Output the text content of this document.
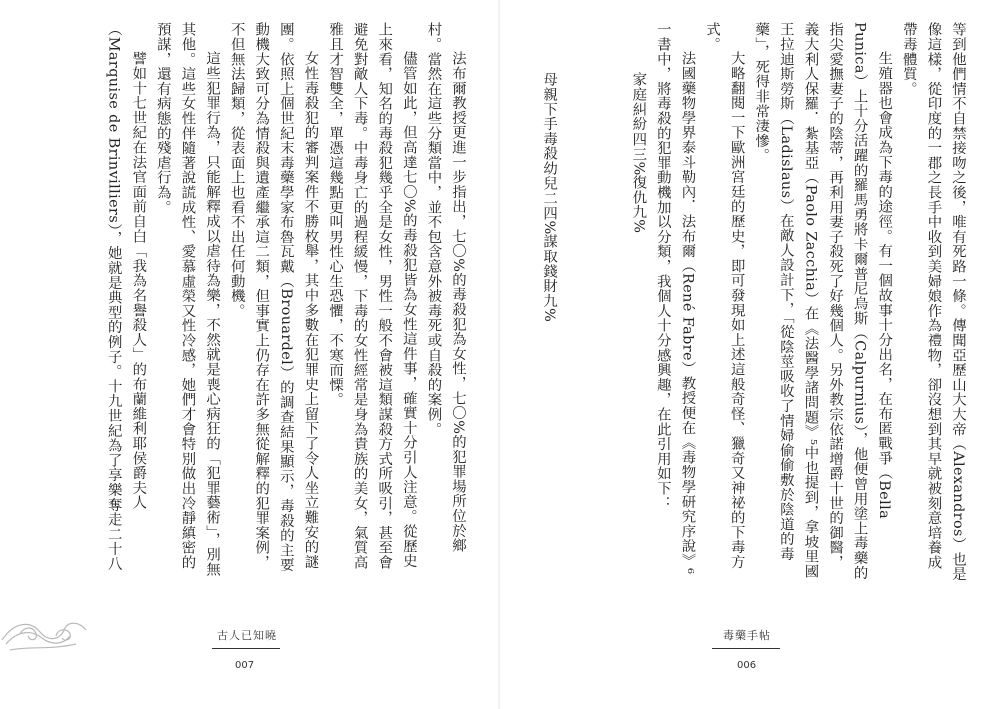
等到他們情不自禁接吻之後，唯有死路一條。傳聞亞歷山大大帝（Alexandros）也是像這樣，從印度的一郡之長手中收到美婦娘作為禮物，卻沒想到其早就被刻意培養成帶毒體質。

生殖器也會成為下毒的途徑。有一個故事十分出名，在布匿戰爭（Bella Punica）上十分活躍的羅馬勇將卡爾普尼烏斯（Calpurnius），他便曾用塗上毒藥的指尖愛撫妻子的陰蒂，再利用妻子殺死了好幾個人。另外教宗依諾增爵十世的御醫，義大利人保羅．紮基亞（Paolo Zacchia）在《法醫學諸問題》⁵中也提到，拿坡里國王拉迪斯勞斯（Ladislaus）在敵人設計下，「從陰莖吸收了情婦偷偷敷於陰道的毒藥」，死得非常淒慘。

大略翻閱一下歐洲宮廷的歷史，即可發現如上述這般奇怪、獵奇又神祕的下毒方式。

法國藥物學界泰斗勒內．法布爾（René Fabre）教授便在《毒物學研究序說》⁶一書中，將毒殺的犯罪動機加以分類，我個人十分感興趣，在此引用如下：

家庭糾紛四三%復仇九%

母親下手毒殺幼兒二四%謀取錢財九%

毒藥手帖
006

法布爾教授更進一步指出，七〇%的毒殺犯為女性，七〇%的犯罪場所位於鄉村。當然在這些分類當中，並不包含意外被毒死或自殺的案例。

儘管如此，但高達七〇%的毒殺犯皆為女性這件事，確實十分引人注意。從歷史上來看，知名的毒殺犯幾乎全是女性，男性一般不會被這類謀殺方式所吸引，甚至會避免對敵人下毒。中毒身亡的過程緩慢，下毒的女性經常是身為貴族的美女，氣質高雅且才智雙全，單憑這幾點更叫男性心生恐懼，不寒而慄。

女性毒殺犯的審判案件不勝枚舉，其中多數在犯罪史上留下了令人坐立難安的謎團。依照上個世紀末毒藥學家布魯瓦戴（Brouardel）的調查結果顯示，毒殺的主要動機大致可分為情殺與遺產繼承這二類，但事實上仍存在許多無從解釋的犯罪案例，不但無法歸類，從表面上也看不出任何動機。

這些犯罪行為，只能解釋成以虐待為樂，不然就是喪心病狂的「犯罪藝術」，別無其他。這些女性伴隨著說謊成性、愛慕虛榮又性冷感，她們才會特別做出冷靜縝密的預謀，還有病態的殘虐行為。

譬如十七世紀在法官面前自白「我為名譽殺人」的布蘭維利耶侯爵夫人（Marquise de Brinvilliers），她就是典型的例子。十九世紀為了享樂奪走二十八

古人已知曉
007
